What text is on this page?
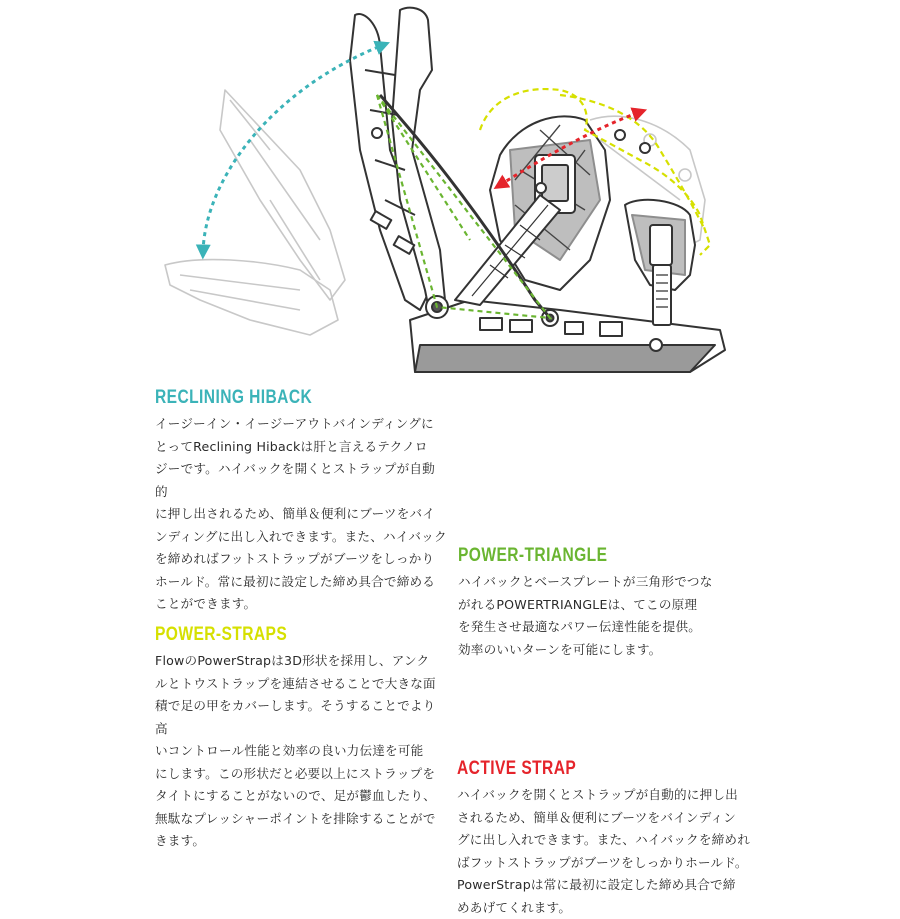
RECLINING HIBACK
イージーイン・イージーアウトバインディングに
とってReclining Hibackは肝と言えるテクノロ
ジーです。ハイバックを開くとストラップが自動的
に押し出されるため、簡単＆便利にブーツをバイ
ンディングに出し入れできます。また、ハイバック
を締めればフットストラップがブーツをしっかり
ホールド。常に最初に設定した締め具合で締める
ことができます。
POWER-TRIANGLE
ハイバックとベースプレートが三角形でつな
がれるPOWERTRIANGLEは、てこの原理
を発生させ最適なパワー伝達性能を提供。
効率のいいターンを可能にします。
POWER-STRAPS
FlowのPowerStrapは3D形状を採用し、アンク
ルとトウストラップを連結させることで大きな面
積で足の甲をカバーします。そうすることでより高
いコントロール性能と効率の良い力伝達を可能
にします。この形状だと必要以上にストラップを
タイトにすることがないので、足が鬱血したり、
無駄なプレッシャーポイントを排除することがで
きます。
ACTIVE STRAP
ハイバックを開くとストラップが自動的に押し出
されるため、簡単＆便利にブーツをバインディン
グに出し入れできます。また、ハイバックを締めれ
ばフットストラップがブーツをしっかりホールド。
PowerStrapは常に最初に設定した締め具合で締
めあげてくれます。
